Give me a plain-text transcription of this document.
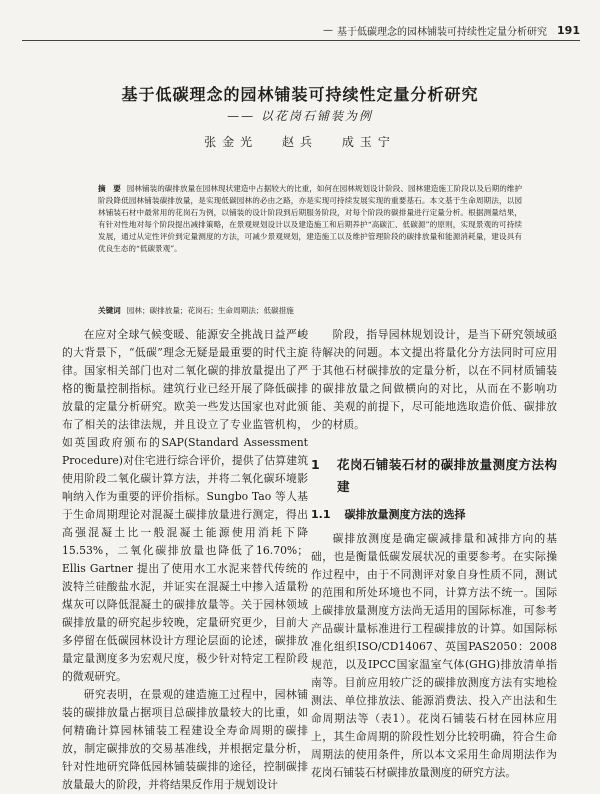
— 基于低碳理念的园林铺装可持续性定量分析研究 191
基于低碳理念的园林铺装可持续性定量分析研究
—— 以花岗石铺装为例
张金光 赵兵 成玉宁
摘　要 园林铺装的碳排放量在园林现状建造中占据较大的比重，如何在园林规划设计阶段、园林建造施工阶段以及后期的维护阶段降低园林铺装碳排放量，是实现低碳园林的必由之路，亦是实现可持续发展实现的重要基石。本文基于生命周期法，以园林铺装石材中最常用的花岗石为例，以铺装的设计阶段到后期服务阶段，对每个阶段的碳排量进行定量分析。根据测量结果，有针对性地对每个阶段提出减排策略，在景观规划设计以及建造施工和后期养护“高碳汇、低碳源”的原则，实现景观的可持续发展，通过从定性评价到定量测度的方法，可减少景观规划，建造施工以及维护管理阶段的碳排放量和能源消耗量，建设具有优良生态的“低碳景观”。
关键词 园林；碳排放量；花岗石；生命周期法；低碳措施

在应对全球气候变暖、能源安全挑战日益严峻的大背景下，“低碳”理念无疑是最重要的时代主旋律。国家相关部门也对二氧化碳的排放量提出了严格的衡量控制指标。建筑行业已经开展了降低碳排放量的定量分析研究。欧美一些发达国家也对此颁布了相关的法律法规，并且设立了专业监管机构，如英国政府颁布的SAP(Standard Assessment Procedure)对住宅进行综合评价，提供了估算建筑使用阶段二氧化碳计算方法，并将二氧化碳环境影响纳入作为重要的评价指标。Sungbo Tao 等人基于生命周期理论对混凝土碳排放量进行测定，得出高强混凝土比一般混凝土能源使用消耗下降15.53%，二氧化碳排放量也降低了16.70%；Ellis Gartner 提出了使用水工水泥来替代传统的波特兰硅酸盐水泥，并证实在混凝土中掺入适量粉煤灰可以降低混凝土的碳排放量等。关于园林领域碳排放量的研究起步较晚，定量研究更少，目前大多停留在低碳园林设计方理论层面的论述，碳排放量定量测度多为宏观尺度，极少针对特定工程阶段的微观研究。

研究表明，在景观的建造施工过程中，园林铺装的碳排放量占据项目总碳排放量较大的比重，如何精确计算园林铺装工程建设全寿命周期的碳排放，制定碳排放的交易基准线，并根据定量分析，针对性地研究降低园林铺装碳排的途径，控制碳排放量最大的阶段，并将结果反作用于规划设计

阶段，指导园林规划设计，是当下研究领域亟待解决的问题。本文提出将量化分方法同时可应用于其他石材碳排放的定量分析，以在不同材质铺装的碳排放量之间做横向的对比，从而在不影响功能、美观的前提下，尽可能地选取造价低、碳排放少的材质。

1	花岗石铺装石材的碳排放量测度方法构建
1.1 碳排放量测度方法的选择

碳排放测度是确定碳减排量和减排方向的基础，也是衡量低碳发展状况的重要参考。在实际操作过程中，由于不同测评对象自身性质不同，测试的范围和所处环境也不同，计算方法不统一。国际上碳排放量测度方法尚无适用的国际标准，可参考产品碳计量标准进行工程碳排放的计算。如国际标准化组织ISO/CD14067、英国PAS2050：2008规范，以及IPCC国家温室气体(GHG)排放清单指南等。目前应用较广泛的碳排放测度方法有实地检测法、单位排放法、能源消费法、投入产出法和生命周期法等（表1）。花岗石铺装石材在园林应用上，其生命周期的阶段性划分比较明确，符合生命周期法的使用条件，所以本文采用生命周期法作为花岗石铺装石材碳排放量测度的研究方法。
